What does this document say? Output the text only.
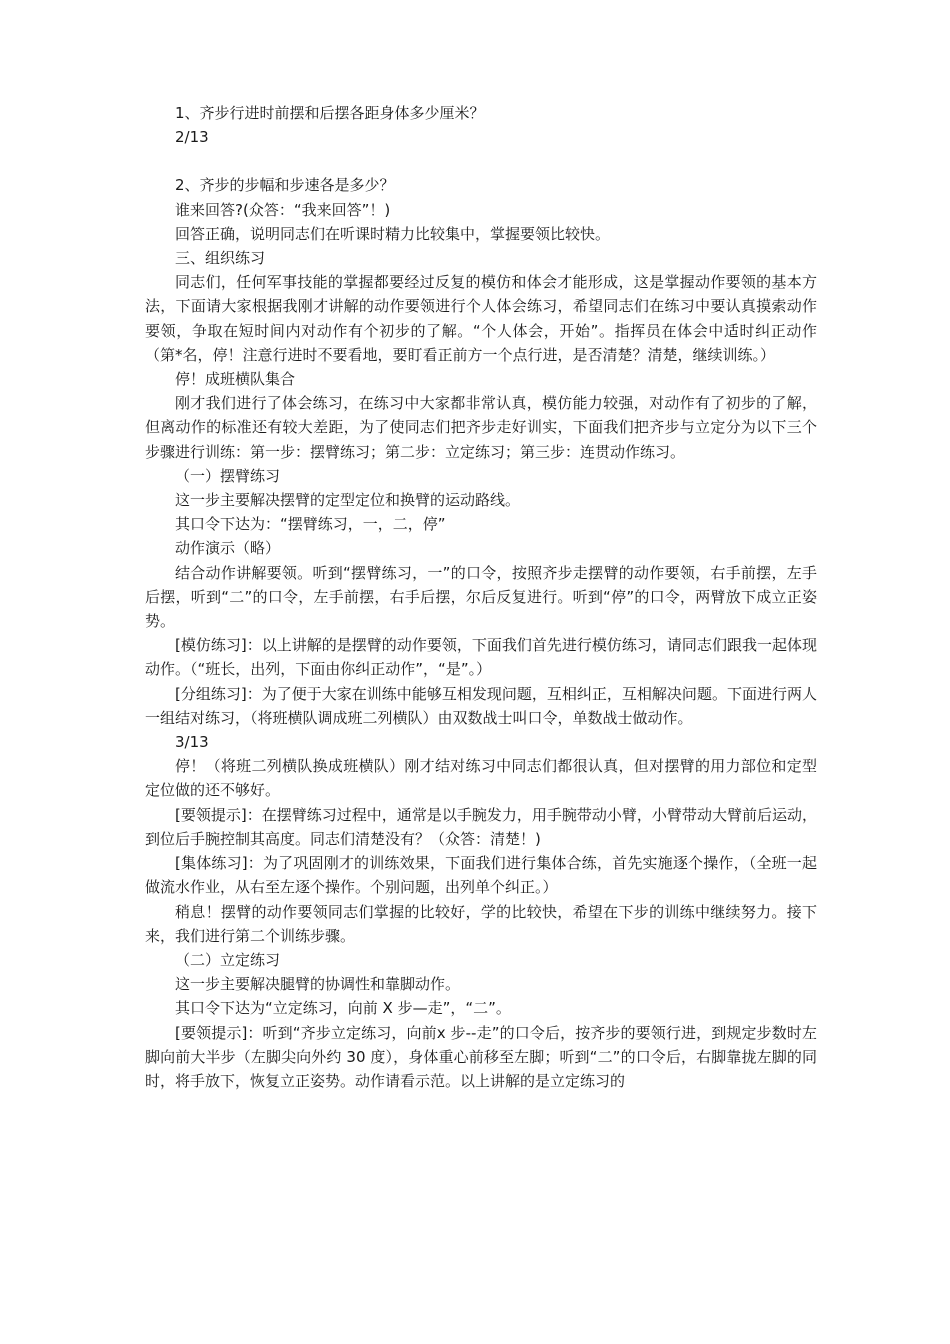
1、齐步行进时前摆和后摆各距身体多少厘米？

2/13

2、齐步的步幅和步速各是多少？

谁来回答?(众答：“我来回答”！)

回答正确，说明同志们在听课时精力比较集中，掌握要领比较快。

三、组织练习

同志们，任何军事技能的掌握都要经过反复的模仿和体会才能形成，这是掌握动作要领的基本方法，下面请大家根据我刚才讲解的动作要领进行个人体会练习，希望同志们在练习中要认真摸索动作要领，争取在短时间内对动作有个初步的了解。“个人体会，开始”。指挥员在体会中适时纠正动作（第*名，停！注意行进时不要看地，要盯看正前方一个点行进，是否清楚？清楚，继续训练。）

停！成班横队集合

刚才我们进行了体会练习，在练习中大家都非常认真，模仿能力较强，对动作有了初步的了解，但离动作的标准还有较大差距，为了使同志们把齐步走好训实，下面我们把齐步与立定分为以下三个步骤进行训练：第一步：摆臂练习；第二步：立定练习；第三步：连贯动作练习。

（一）摆臂练习

这一步主要解决摆臂的定型定位和换臂的运动路线。

其口令下达为：“摆臂练习，一，二，停”

动作演示（略）

结合动作讲解要领。听到“摆臂练习，一”的口令，按照齐步走摆臂的动作要领，右手前摆，左手后摆，听到“二”的口令，左手前摆，右手后摆，尔后反复进行。听到“停”的口令，两臂放下成立正姿势。

[模仿练习]：以上讲解的是摆臂的动作要领，下面我们首先进行模仿练习，请同志们跟我一起体现动作。（“班长，出列，下面由你纠正动作”，“是”。）

[分组练习]：为了便于大家在训练中能够互相发现问题，互相纠正，互相解决问题。下面进行两人一组结对练习，（将班横队调成班二列横队）由双数战士叫口令，单数战士做动作。

3/13

停！（将班二列横队换成班横队）刚才结对练习中同志们都很认真，但对摆臂的用力部位和定型定位做的还不够好。

[要领提示]：在摆臂练习过程中，通常是以手腕发力，用手腕带动小臂，小臂带动大臂前后运动，到位后手腕控制其高度。同志们清楚没有？（众答：清楚！)

[集体练习]：为了巩固刚才的训练效果，下面我们进行集体合练，首先实施逐个操作，（全班一起做流水作业，从右至左逐个操作。个别问题，出列单个纠正。）

稍息！摆臂的动作要领同志们掌握的比较好，学的比较快，希望在下步的训练中继续努力。接下来，我们进行第二个训练步骤。

（二）立定练习

这一步主要解决腿臂的协调性和靠脚动作。

其口令下达为“立定练习，向前 X 步—走”，“二”。

[要领提示]：听到“齐步立定练习，向前x 步--走”的口令后，按齐步的要领行进，到规定步数时左脚向前大半步（左脚尖向外约 30 度），身体重心前移至左脚；听到“二”的口令后，右脚靠拢左脚的同时，将手放下，恢复立正姿势。动作请看示范。以上讲解的是立定练习的
